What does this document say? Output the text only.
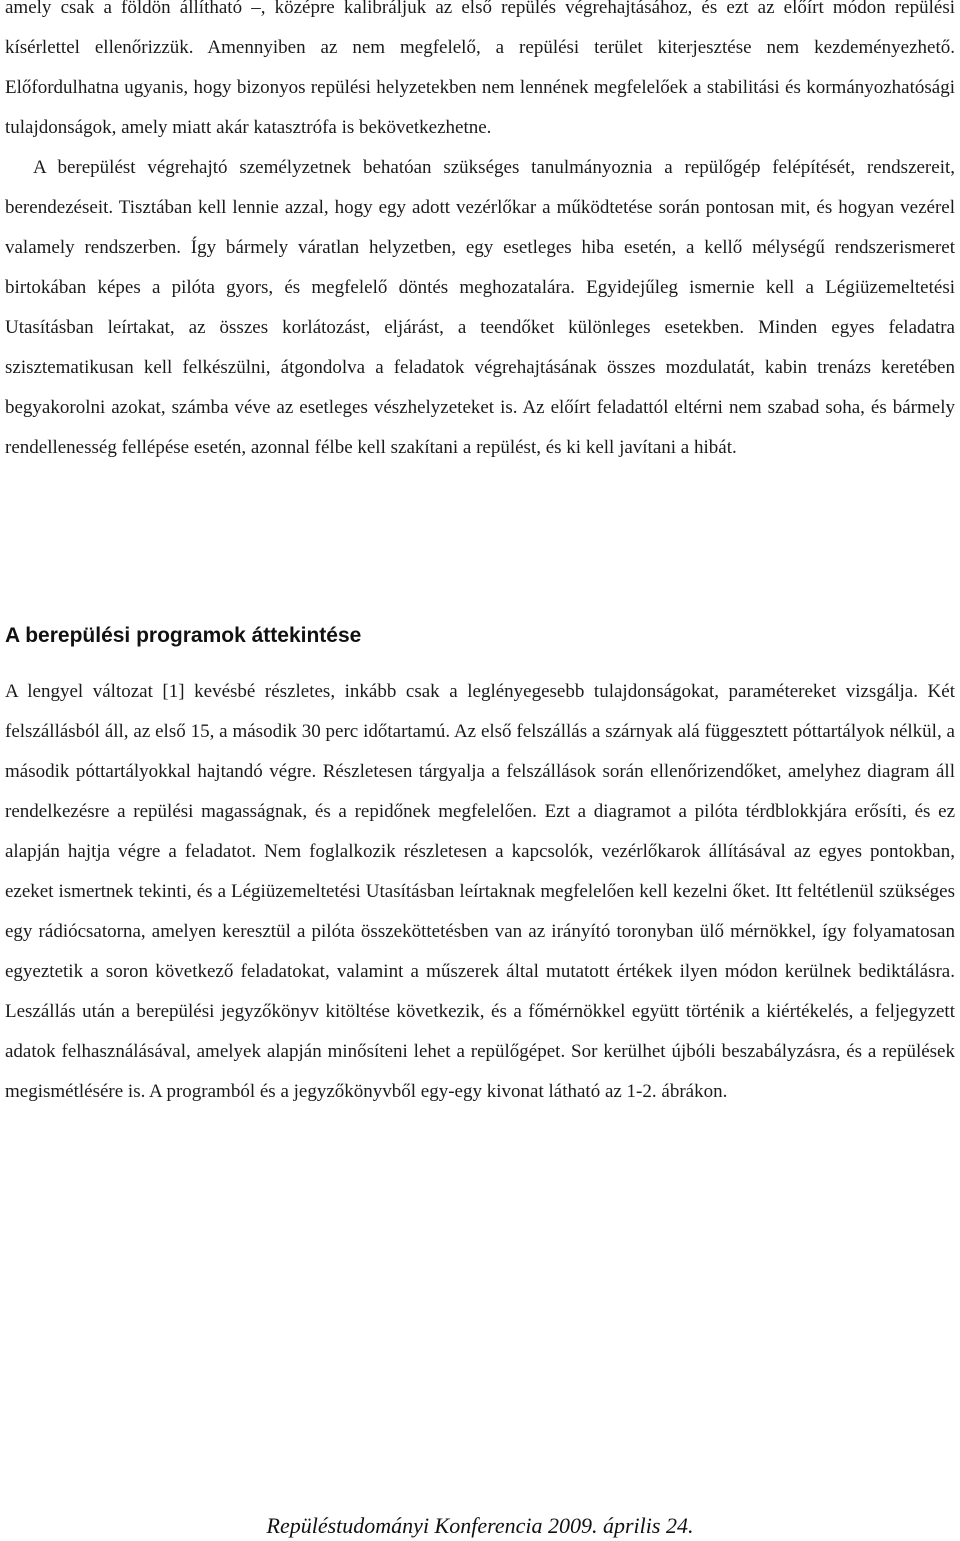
amely csak a földön állítható –, középre kalibráljuk az első repülés végrehajtásához, és ezt az előírt módon repülési kísérlettel ellenőrizzük. Amennyiben az nem megfelelő, a repülési terület kiterjesztése nem kezdeményezhető. Előfordulhatna ugyanis, hogy bizonyos repülési helyzetekben nem lennének megfelelőek a stabilitási és kormányozhatósági tulajdonságok, amely miatt akár katasztrófa is bekövetkezhetne.

A berepülést végrehajtó személyzetnek behatóan szükséges tanulmányoznia a repülőgép felépítését, rendszereit, berendezéseit. Tisztában kell lennie azzal, hogy egy adott vezérlőkar a működtetése során pontosan mit, és hogyan vezérel valamely rendszerben. Így bármely váratlan helyzetben, egy esetleges hiba esetén, a kellő mélységű rendszerismeret birtokában képes a pilóta gyors, és megfelelő döntés meghozatalára. Egyidejűleg ismernie kell a Légiüzemeltetési Utasításban leírtakat, az összes korlátozást, eljárást, a teendőket különleges esetekben. Minden egyes feladatra szisztematikusan kell felkészülni, átgondolva a feladatok végrehajtásának összes mozdulatát, kabin trenázs keretében begyakorolni azokat, számba véve az esetleges vészhelyzeteket is. Az előírt feladattól eltérni nem szabad soha, és bármely rendellenesség fellépése esetén, azonnal félbe kell szakítani a repülést, és ki kell javítani a hibát.

A berepülési programok áttekintése

A lengyel változat [1] kevésbé részletes, inkább csak a leglényegesebb tulajdonságokat, paramétereket vizsgálja. Két felszállásból áll, az első 15, a második 30 perc időtartamú. Az első felszállás a szárnyak alá függesztett póttartályok nélkül, a második póttartályokkal hajtandó végre. Részletesen tárgyalja a felszállások során ellenőrizendőket, amelyhez diagram áll rendelkezésre a repülési magasságnak, és a repidőnek megfelelően. Ezt a diagramot a pilóta térdblokkjára erősíti, és ez alapján hajtja végre a feladatot. Nem foglalkozik részletesen a kapcsolók, vezérlőkarok állításával az egyes pontokban, ezeket ismertnek tekinti, és a Légiüzemeltetési Utasításban leírtaknak megfelelően kell kezelni őket. Itt feltétlenül szükséges egy rádiócsatorna, amelyen keresztül a pilóta összeköttetésben van az irányító toronyban ülő mérnökkel, így folyamatosan egyeztetik a soron következő feladatokat, valamint a műszerek által mutatott értékek ilyen módon kerülnek bediktálásra. Leszállás után a berepülési jegyzőkönyv kitöltése következik, és a főmérnökkel együtt történik a kiértékelés, a feljegyzett adatok felhasználásával, amelyek alapján minősíteni lehet a repülőgépet. Sor kerülhet újbóli beszabályzásra, és a repülések megismétlésére is. A programból és a jegyzőkönyvből egy-egy kivonat látható az 1-2. ábrákon.

Repüléstudományi Konferencia 2009. április 24.
